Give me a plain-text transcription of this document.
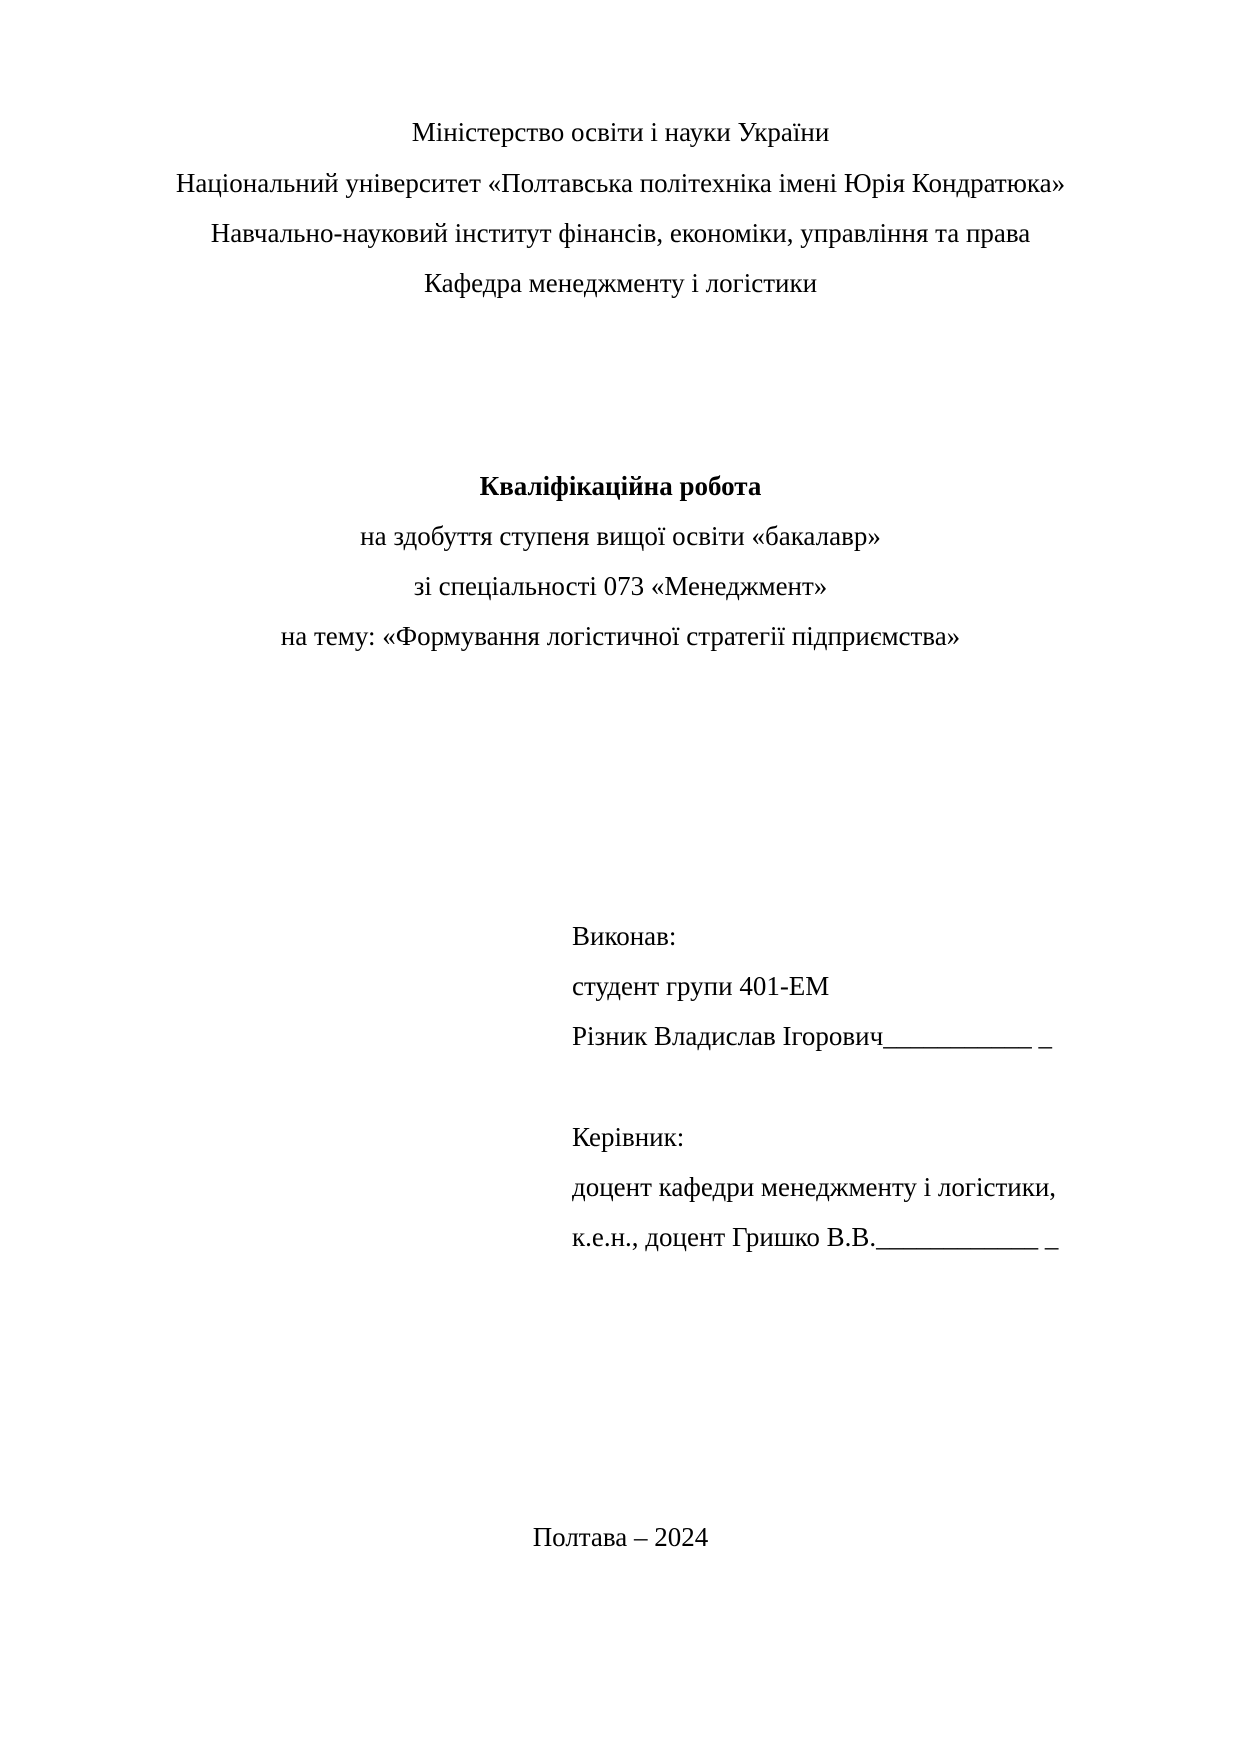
Міністерство освіти і науки України
Національний університет «Полтавська політехніка імені Юрія Кондратюка»
Навчально-науковий інститут фінансів, економіки, управління та права
Кафедра менеджменту і логістики
Кваліфікаційна робота
на здобуття ступеня вищої освіти «бакалавр»
зі спеціальності 073 «Менеджмент»
на тему: «Формування логістичної стратегії підприємства»
Виконав:
студент групи 401-ЕМ
Різник Владислав Ігорович___________ _
Керівник:
доцент кафедри менеджменту і логістики,
к.е.н., доцент Гришко В.В.____________ _
Полтава – 2024
